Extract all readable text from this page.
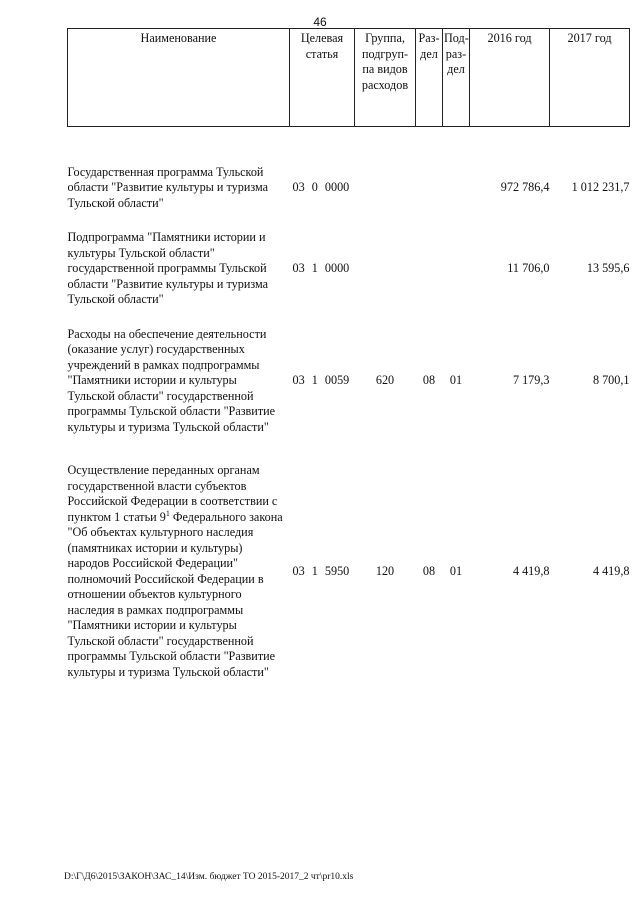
46
Наименование	Целевая статья	Группа,
подгруп-
па видов
расходов	Раз-
дел	Под-
раз-
дел	2016 год	2017 год

Государственная программа Тульской области "Развитие культуры и туризма Тульской области"	03 0 0000				972 786,4	1 012 231,7

Подпрограмма "Памятники истории и культуры Тульской области" государственной программы Тульской области "Развитие культуры и туризма Тульской области"	03 1 0000				11 706,0	13 595,6

Расходы на обеспечение деятельности (оказание услуг) государственных учреждений в рамках подпрограммы "Памятники истории и культуры Тульской области" государственной программы Тульской области "Развитие культуры и туризма Тульской области"	03 1 0059	620	08	01	7 179,3	8 700,1

Осуществление переданных органам государственной власти субъектов Российской Федерации в соответствии с пунктом 1 статьи $9^1$ Федерального закона "Об объектах культурного наследия (памятниках истории и культуры) народов Российской Федерации" полномочий Российской Федерации в отношении объектов культурного наследия в рамках подпрограммы "Памятники истории и культуры Тульской области" государственной программы Тульской области "Развитие культуры и туризма Тульской области"	03 1 5950	120	08	01	4 419,8	4 419,8
D:\Г\Д6\2015\ЗАКОН\ЗАС_14\Изм. бюджет ТО 2015-2017_2 чт\pr10.xls
